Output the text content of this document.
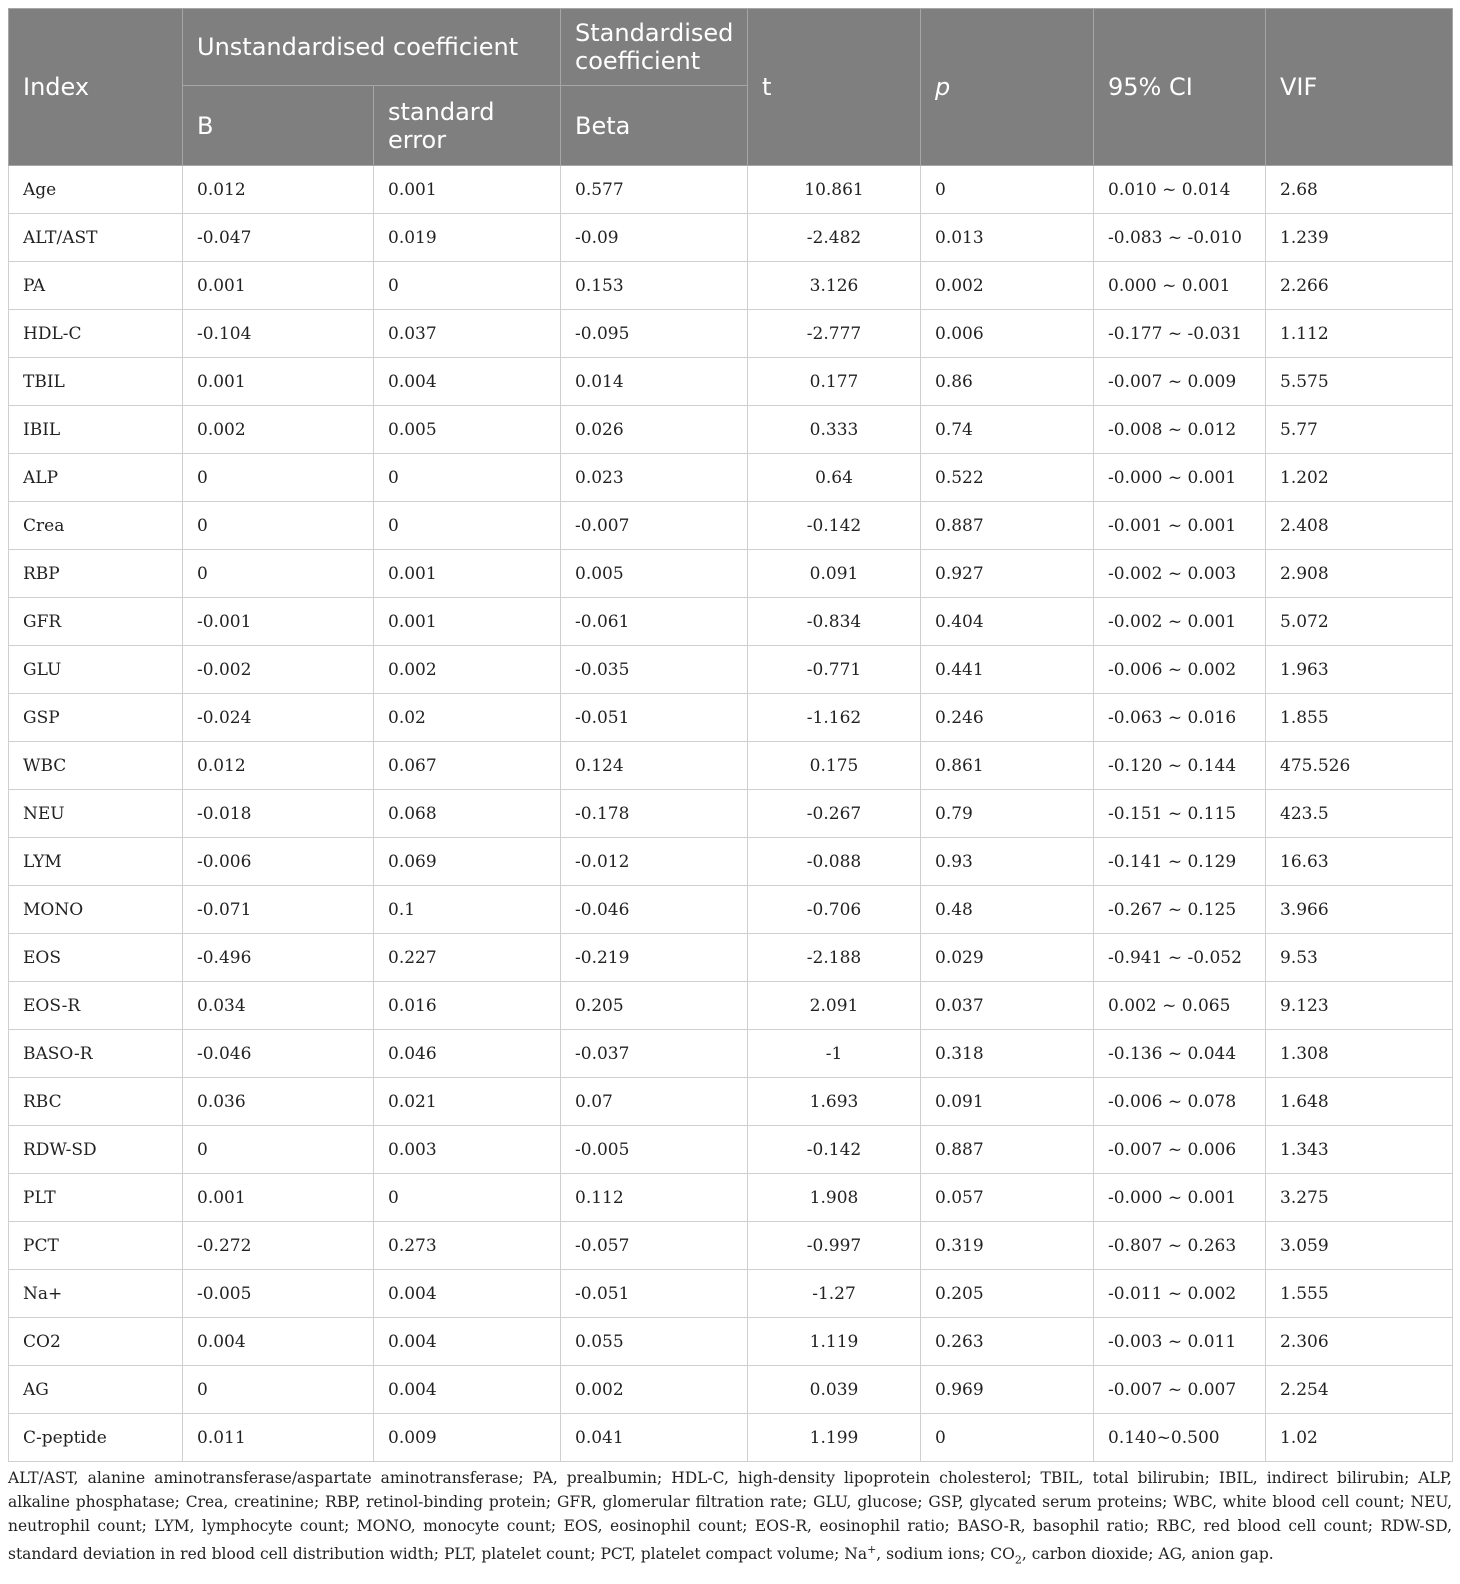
Index	Unstandardised coefficient		Standardised coefficient	t	p	95% CI	VIF
	B	standard error	Beta				
Age	0.012	0.001	0.577	10.861	0	0.010 ~ 0.014	2.68
ALT/AST	-0.047	0.019	-0.09	-2.482	0.013	-0.083 ~ -0.010	1.239
PA	0.001	0	0.153	3.126	0.002	0.000 ~ 0.001	2.266
HDL-C	-0.104	0.037	-0.095	-2.777	0.006	-0.177 ~ -0.031	1.112
TBIL	0.001	0.004	0.014	0.177	0.86	-0.007 ~ 0.009	5.575
IBIL	0.002	0.005	0.026	0.333	0.74	-0.008 ~ 0.012	5.77
ALP	0	0	0.023	0.64	0.522	-0.000 ~ 0.001	1.202
Crea	0	0	-0.007	-0.142	0.887	-0.001 ~ 0.001	2.408
RBP	0	0.001	0.005	0.091	0.927	-0.002 ~ 0.003	2.908
GFR	-0.001	0.001	-0.061	-0.834	0.404	-0.002 ~ 0.001	5.072
GLU	-0.002	0.002	-0.035	-0.771	0.441	-0.006 ~ 0.002	1.963
GSP	-0.024	0.02	-0.051	-1.162	0.246	-0.063 ~ 0.016	1.855
WBC	0.012	0.067	0.124	0.175	0.861	-0.120 ~ 0.144	475.526
NEU	-0.018	0.068	-0.178	-0.267	0.79	-0.151 ~ 0.115	423.5
LYM	-0.006	0.069	-0.012	-0.088	0.93	-0.141 ~ 0.129	16.63
MONO	-0.071	0.1	-0.046	-0.706	0.48	-0.267 ~ 0.125	3.966
EOS	-0.496	0.227	-0.219	-2.188	0.029	-0.941 ~ -0.052	9.53
EOS-R	0.034	0.016	0.205	2.091	0.037	0.002 ~ 0.065	9.123
BASO-R	-0.046	0.046	-0.037	-1	0.318	-0.136 ~ 0.044	1.308
RBC	0.036	0.021	0.07	1.693	0.091	-0.006 ~ 0.078	1.648
RDW-SD	0	0.003	-0.005	-0.142	0.887	-0.007 ~ 0.006	1.343
PLT	0.001	0	0.112	1.908	0.057	-0.000 ~ 0.001	3.275
PCT	-0.272	0.273	-0.057	-0.997	0.319	-0.807 ~ 0.263	3.059
Na+	-0.005	0.004	-0.051	-1.27	0.205	-0.011 ~ 0.002	1.555
CO2	0.004	0.004	0.055	1.119	0.263	-0.003 ~ 0.011	2.306
AG	0	0.004	0.002	0.039	0.969	-0.007 ~ 0.007	2.254
C-peptide	0.011	0.009	0.041	1.199	0	0.140~0.500	1.02
ALT/AST, alanine aminotransferase/aspartate aminotransferase; PA, prealbumin; HDL-C, high-density lipoprotein cholesterol; TBIL, total bilirubin; IBIL, indirect bilirubin; ALP, alkaline phosphatase; Crea, creatinine; RBP, retinol-binding protein; GFR, glomerular filtration rate; GLU, glucose; GSP, glycated serum proteins; WBC, white blood cell count; NEU, neutrophil count; LYM, lymphocyte count; MONO, monocyte count; EOS, eosinophil count; EOS-R, eosinophil ratio; BASO-R, basophil ratio; RBC, red blood cell count; RDW-SD, standard deviation in red blood cell distribution width; PLT, platelet count; PCT, platelet compact volume; Na+, sodium ions; $CO_2$, carbon dioxide; AG, anion gap.
